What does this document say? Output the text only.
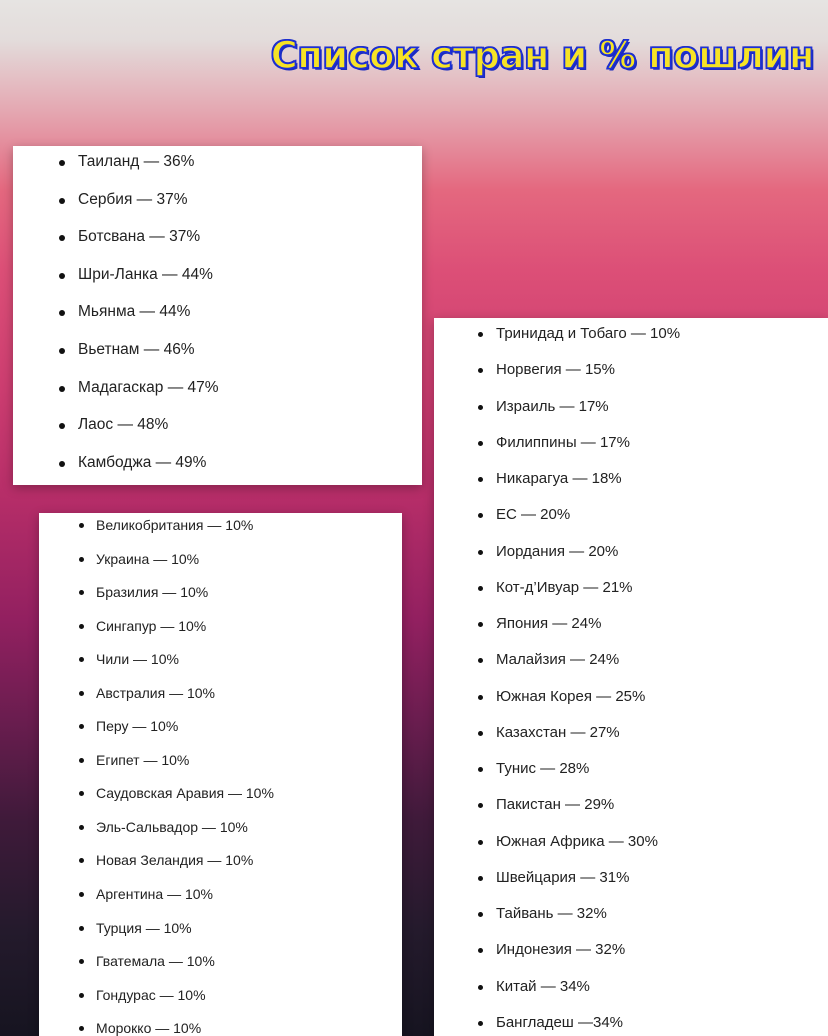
Список стран и % пошлин
Таиланд — 36%
Сербия — 37%
Ботсвана — 37%
Шри-Ланка — 44%
Мьянма — 44%
Вьетнам — 46%
Мадагаскар — 47%
Лаос — 48%
Камбоджа — 49%
Великобритания — 10%
Украина — 10%
Бразилия — 10%
Сингапур — 10%
Чили — 10%
Австралия — 10%
Перу — 10%
Египет — 10%
Саудовская Аравия — 10%
Эль-Сальвадор — 10%
Новая Зеландия — 10%
Аргентина — 10%
Турция — 10%
Гватемала — 10%
Гондурас — 10%
Морокко — 10%
Тринидад и Тобаго — 10%
Норвегия — 15%
Израиль — 17%
Филиппины — 17%
Никарагуа — 18%
ЕС — 20%
Иордания — 20%
Кот-д’Ивуар — 21%
Япония — 24%
Малайзия — 24%
Южная Корея — 25%
Казахстан — 27%
Тунис — 28%
Пакистан — 29%
Южная Африка — 30%
Швейцария — 31%
Тайвань — 32%
Индонезия — 32%
Китай — 34%
Бангладеш —34%
